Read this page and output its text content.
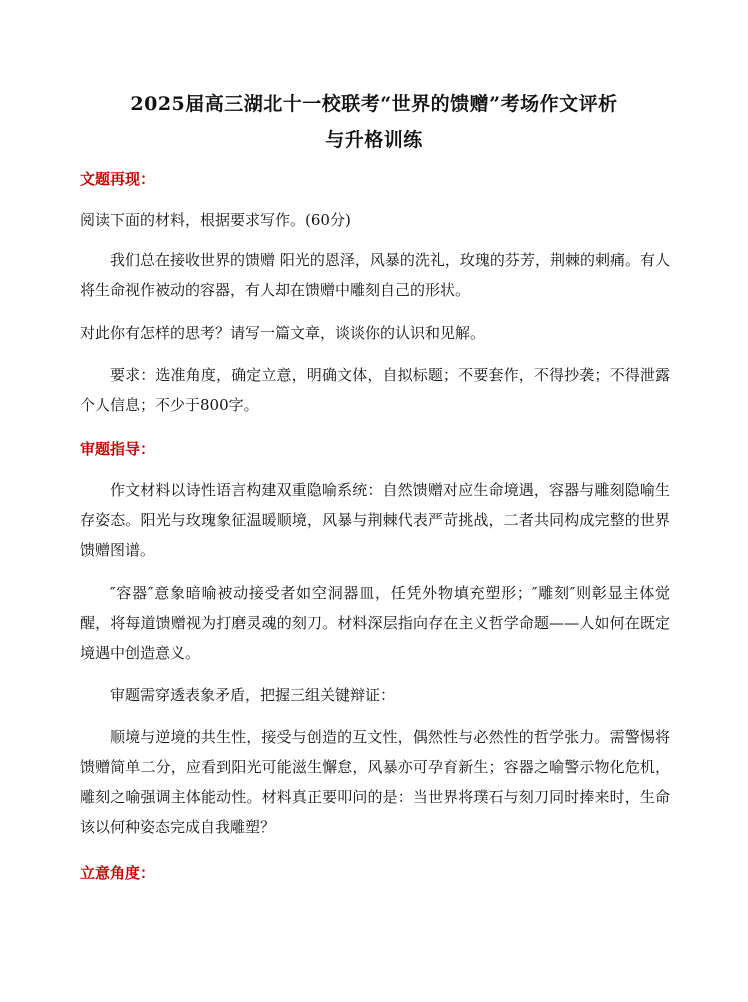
2025届高三湖北十一校联考“世界的馈赠”考场作文评析
与升格训练
文题再现：
阅读下面的材料，根据要求写作。(60分)
我们总在接收世界的馈赠 阳光的恩泽，风暴的洗礼，玫瑰的芬芳，荆棘的刺痛。有人将生命视作被动的容器，有人却在馈赠中雕刻自己的形状。
对此你有怎样的思考？请写一篇文章，谈谈你的认识和见解。
要求：选准角度，确定立意，明确文体，自拟标题；不要套作，不得抄袭；不得泄露个人信息；不少于800字。
审题指导：
作文材料以诗性语言构建双重隐喻系统：自然馈赠对应生命境遇，容器与雕刻隐喻生存姿态。阳光与玫瑰象征温暖顺境，风暴与荆棘代表严苛挑战，二者共同构成完整的世界馈赠图谱。
″容器″意象暗喻被动接受者如空洞器皿，任凭外物填充塑形；″雕刻″则彰显主体觉醒，将每道馈赠视为打磨灵魂的刻刀。材料深层指向存在主义哲学命题——人如何在既定境遇中创造意义。
审题需穿透表象矛盾，把握三组关键辩证：
顺境与逆境的共生性，接受与创造的互文性，偶然性与必然性的哲学张力。需警惕将馈赠简单二分，应看到阳光可能滋生懈怠，风暴亦可孕育新生；容器之喻警示物化危机，雕刻之喻强调主体能动性。材料真正要叩问的是：当世界将璞石与刻刀同时捧来时，生命该以何种姿态完成自我雕塑？
立意角度：
